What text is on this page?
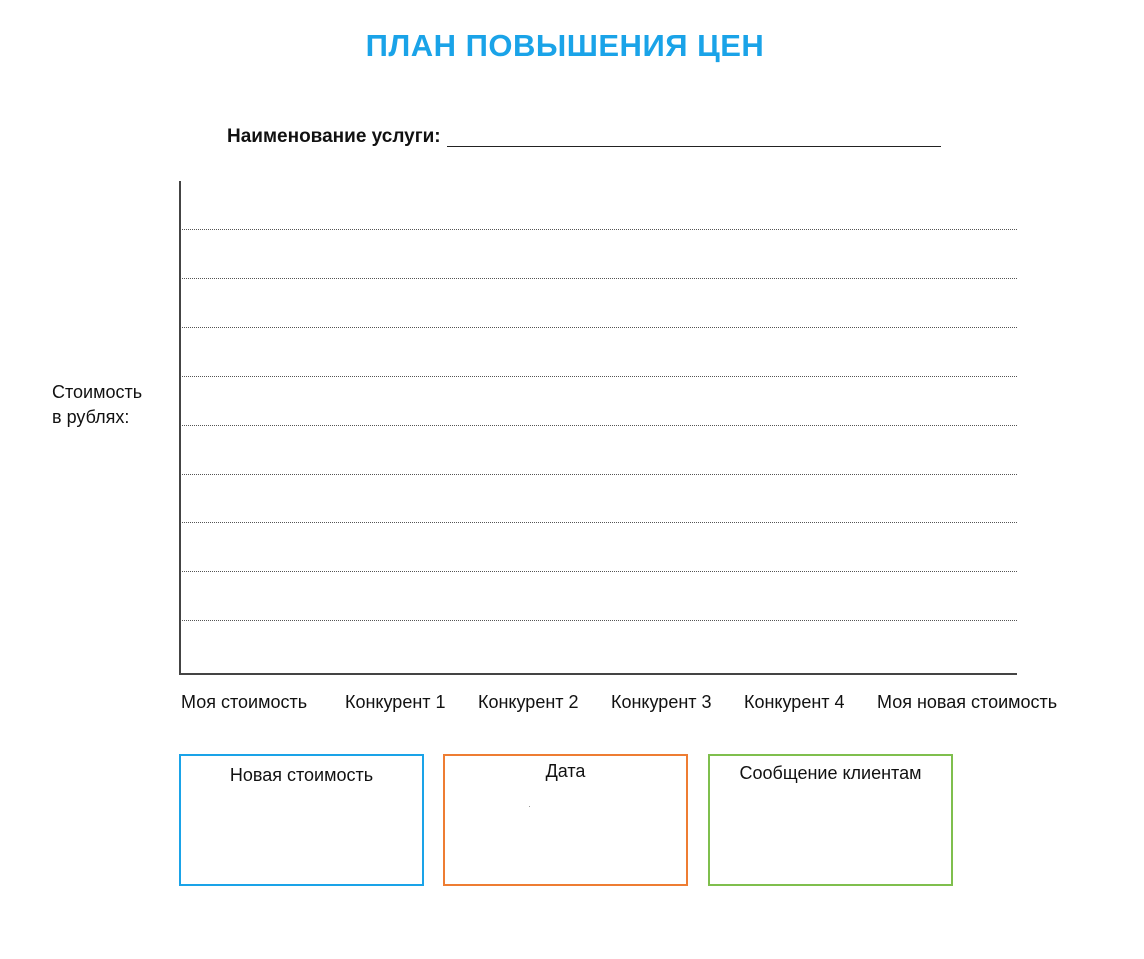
ПЛАН ПОВЫШЕНИЯ ЦЕН
Наименование услуги:
Стоимость
в рублях:
Моя стоимость	Конкурент 1	Конкурент 2	Конкурент 3	Конкурент 4	Моя новая стоимость
Новая стоимость	Дата	Сообщение клиентам
